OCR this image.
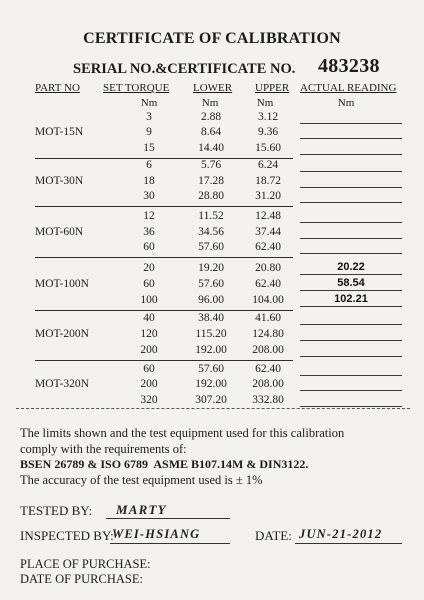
CERTIFICATE OF CALIBRATION
SERIAL NO.&CERTIFICATE NO. 483238
PART NO SET TORQUE LOWER UPPER ACTUAL READING
Nm	Nm	Nm	Nm
MOT-15N
3	2.88	3.12
9	8.64	9.36
15	14.40	15.60
MOT-30N
6	5.76	6.24
18	17.28	18.72
30	28.80	31.20
MOT-60N
12	11.52	12.48
36	34.56	37.44
60	57.60	62.40
MOT-100N
20	19.20	20.80	20.22
60	57.60	62.40	58.54
100	96.00	104.00	102.21
MOT-200N
40	38.40	41.60
120	115.20	124.80
200	192.00	208.00
MOT-320N
60	57.60	62.40
200	192.00	208.00
320	307.20	332.80
The limits shown and the test equipment used for this calibration
comply with the requirements of:
BSEN 26789 & ISO 6789  ASME B107.14M & DIN3122.
The accuracy of the test equipment used is ± 1%
TESTED BY: MARTY
INSPECTED BY:
WEI-HSIANG	DATE: JUN-21-2012
PLACE OF PURCHASE:
DATE OF PURCHASE:
